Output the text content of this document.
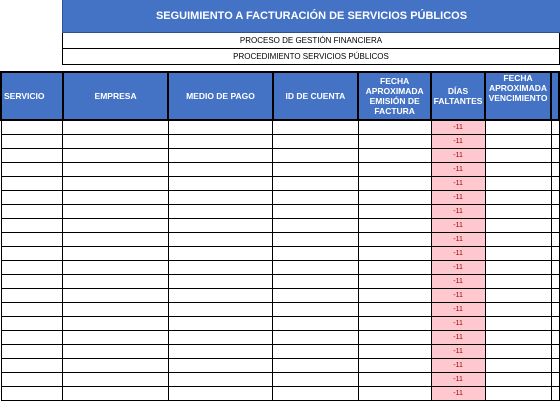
SEGUIMIENTO A FACTURACIÓN DE SERVICIOS PÚBLICOS
PROCESO DE GESTIÓN FINANCIERA
PROCEDIMIENTO SERVICIOS PÚBLICOS
SERVICIO	EMPRESA	MEDIO DE PAGO	ID DE CUENTA	FECHA APROXIMADA EMISIÓN DE FACTURA	DÍAS FALTANTES	FECHA APROXIMADA VENCIMIENTO	
					-11		
					-11		
					-11		
					-11		
					-11		
					-11		
					-11		
					-11		
					-11		
					-11		
					-11		
					-11		
					-11		
					-11		
					-11		
					-11		
					-11		
					-11		
					-11		
					-11		
